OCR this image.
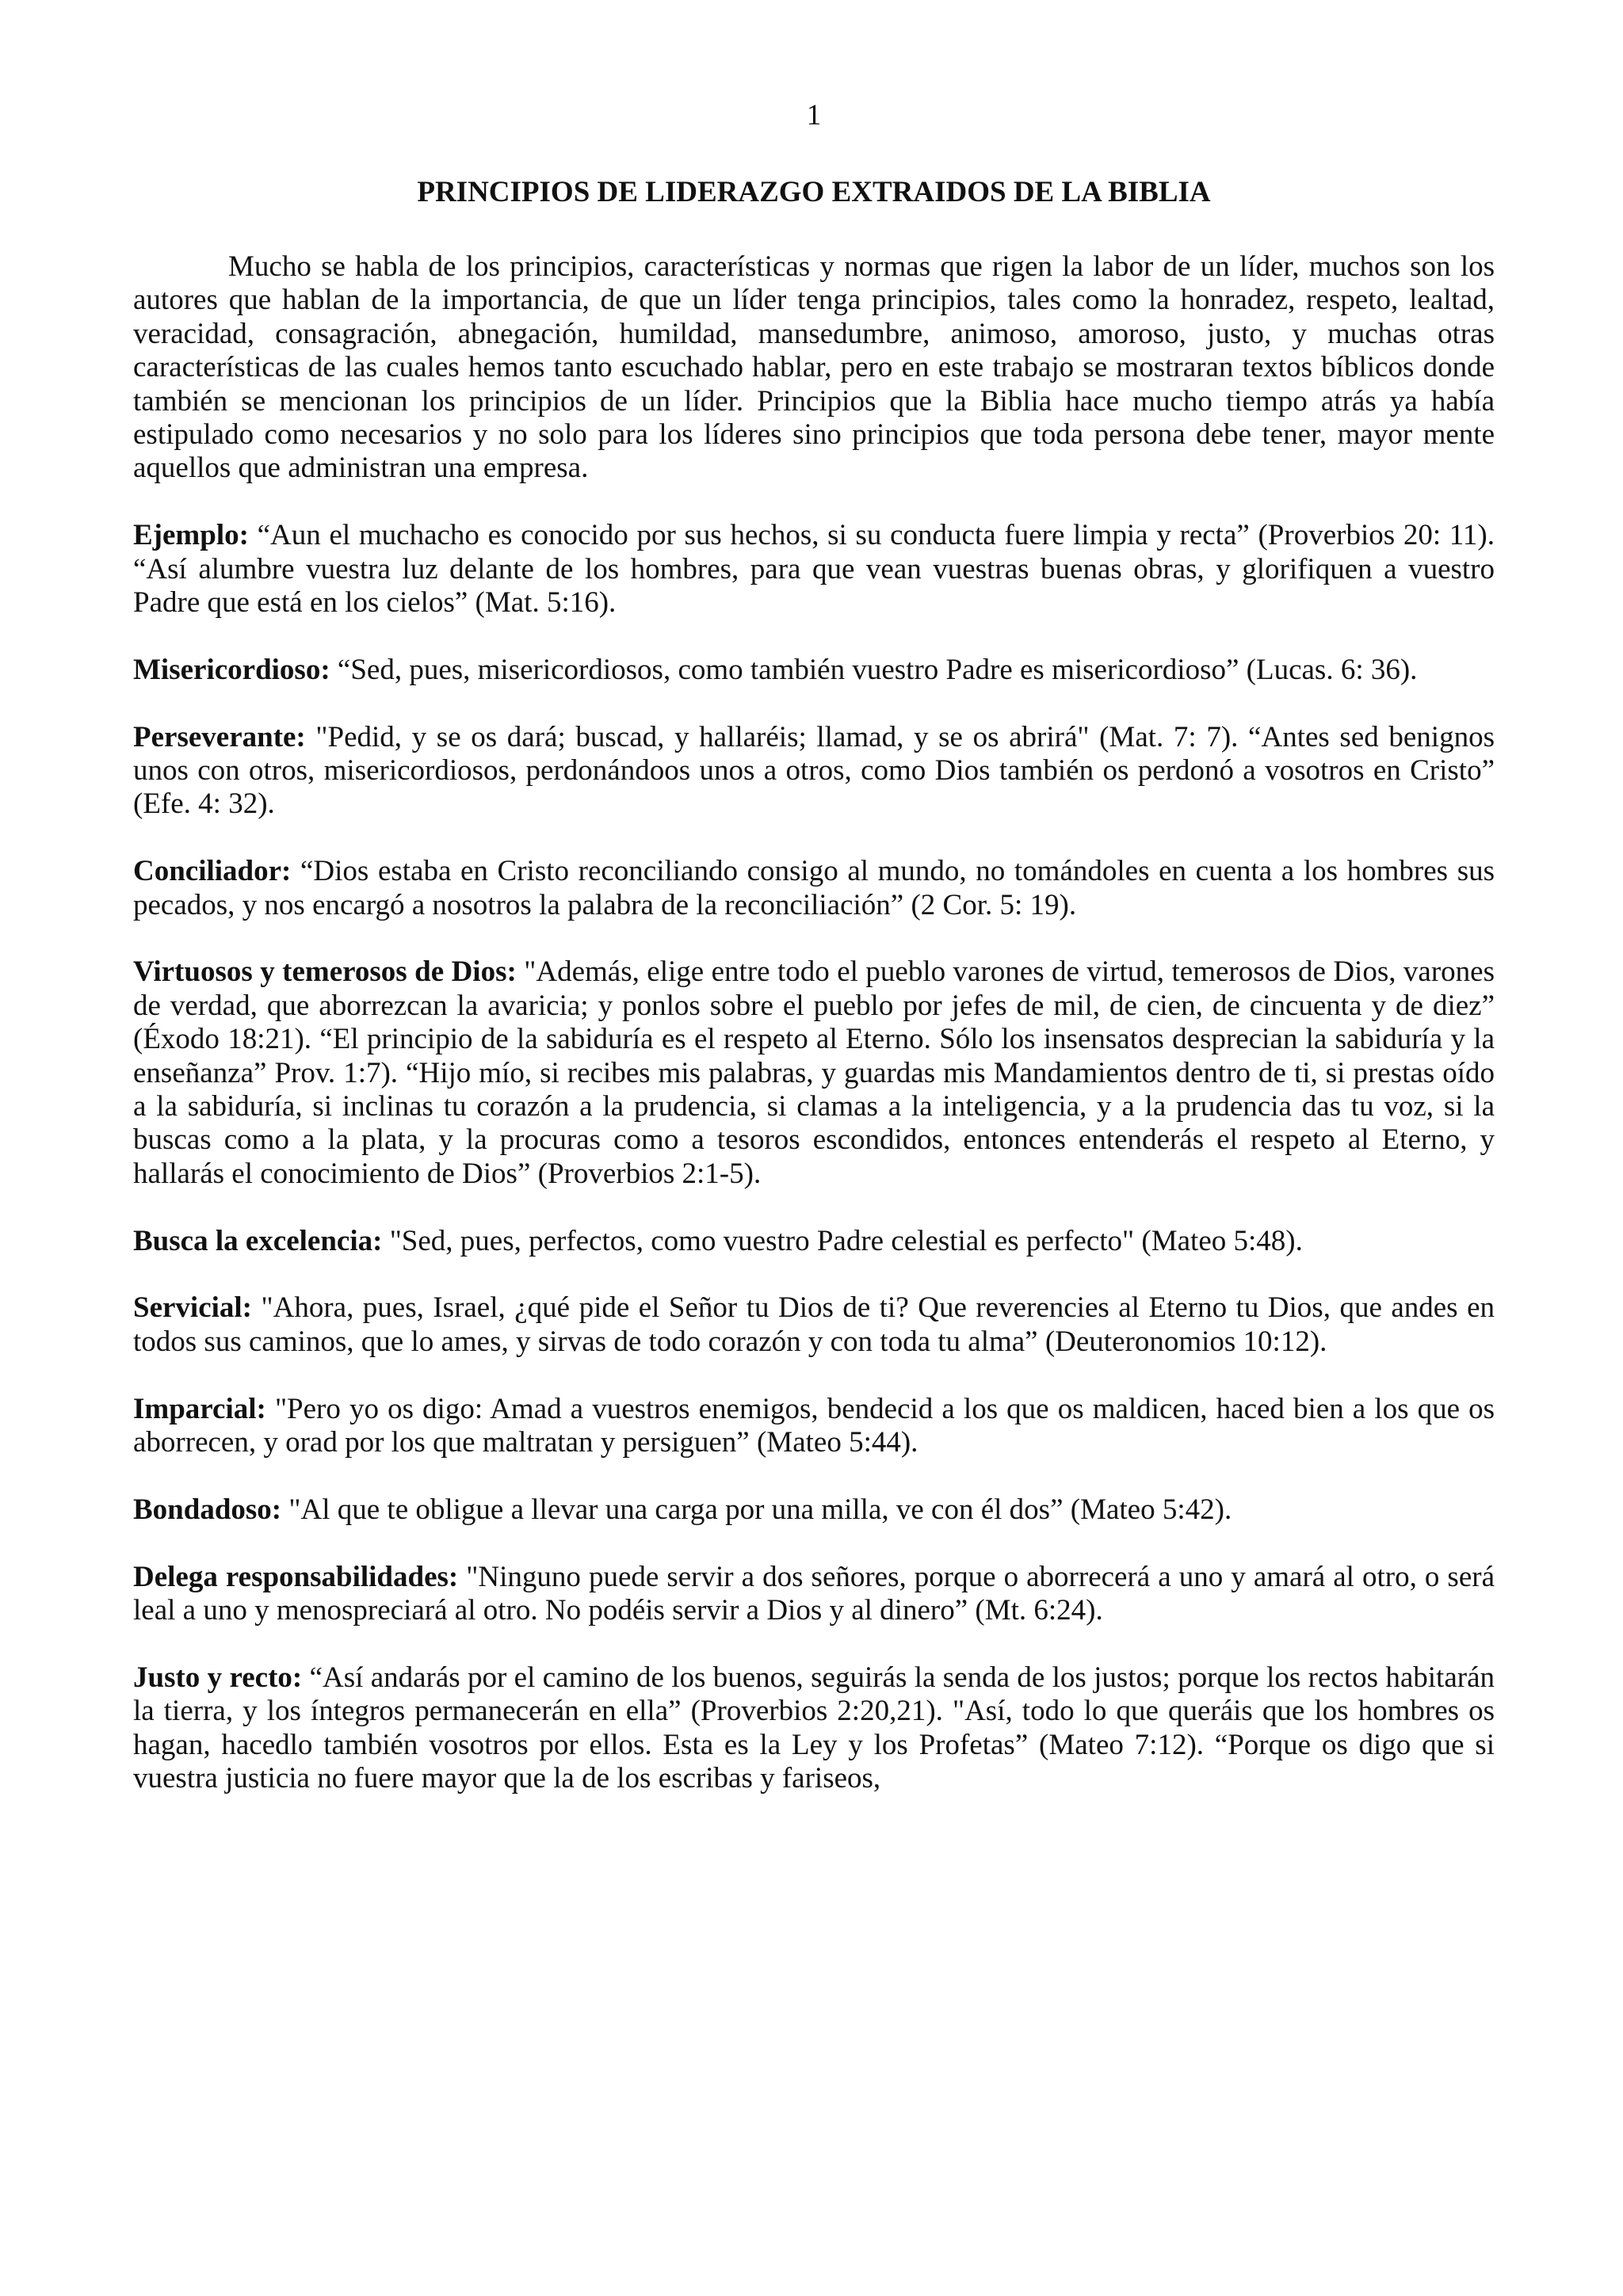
1
PRINCIPIOS DE LIDERAZGO EXTRAIDOS DE LA BIBLIA

Mucho se habla de los principios, características y normas que rigen la labor de un líder, muchos son los autores que hablan de la importancia, de que un líder tenga principios, tales como la honradez, respeto, lealtad, veracidad, consagración, abnegación, humildad, mansedumbre, animoso, amoroso, justo, y muchas otras características de las cuales hemos tanto escuchado hablar, pero en este trabajo se mostraran textos bíblicos donde también se mencionan los principios de un líder. Principios que la Biblia hace mucho tiempo atrás ya había estipulado como necesarios y no solo para los líderes sino principios que toda persona debe tener, mayor mente aquellos que administran una empresa.

Ejemplo: “Aun el muchacho es conocido por sus hechos, si su conducta fuere limpia y recta” (Proverbios 20: 11). “Así alumbre vuestra luz delante de los hombres, para que vean vuestras buenas obras, y glorifiquen a vuestro Padre que está en los cielos” (Mat. 5:16).

Misericordioso: “Sed, pues, misericordiosos, como también vuestro Padre es misericordioso” (Lucas. 6: 36).

Perseverante: "Pedid, y se os dará; buscad, y hallaréis; llamad, y se os abrirá" (Mat. 7: 7). “Antes sed benignos unos con otros, misericordiosos, perdonándoos unos a otros, como Dios también os perdonó a vosotros en Cristo” (Efe. 4: 32).

Conciliador: “Dios estaba en Cristo reconciliando consigo al mundo, no tomándoles en cuenta a los hombres sus pecados, y nos encargó a nosotros la palabra de la reconciliación” (2 Cor. 5: 19).

Virtuosos y temerosos de Dios: "Además, elige entre todo el pueblo varones de virtud, temerosos de Dios, varones de verdad, que aborrezcan la avaricia; y ponlos sobre el pueblo por jefes de mil, de cien, de cincuenta y de diez” (Éxodo 18:21). “El principio de la sabiduría es el respeto al Eterno. Sólo los insensatos desprecian la sabiduría y la enseñanza” Prov. 1:7). “Hijo mío, si recibes mis palabras, y guardas mis Mandamientos dentro de ti, si prestas oído a la sabiduría, si inclinas tu corazón a la prudencia, si clamas a la inteligencia, y a la prudencia das tu voz, si la buscas como a la plata, y la procuras como a tesoros escondidos, entonces entenderás el respeto al Eterno, y hallarás el conocimiento de Dios” (Proverbios 2:1-5).

Busca la excelencia: "Sed, pues, perfectos, como vuestro Padre celestial es perfecto" (Mateo 5:48).

Servicial: "Ahora, pues, Israel, ¿qué pide el Señor tu Dios de ti? Que reverencies al Eterno tu Dios, que andes en todos sus caminos, que lo ames, y sirvas de todo corazón y con toda tu alma” (Deuteronomios 10:12).

Imparcial: "Pero yo os digo: Amad a vuestros enemigos, bendecid a los que os maldicen, haced bien a los que os aborrecen, y orad por los que maltratan y persiguen” (Mateo 5:44).

Bondadoso: "Al que te obligue a llevar una carga por una milla, ve con él dos” (Mateo 5:42).

Delega responsabilidades: "Ninguno puede servir a dos señores, porque o aborrecerá a uno y amará al otro, o será leal a uno y menospreciará al otro. No podéis servir a Dios y al dinero” (Mt. 6:24).

Justo y recto: “Así andarás por el camino de los buenos, seguirás la senda de los justos; porque los rectos habitarán la tierra, y los íntegros permanecerán en ella” (Proverbios 2:20,21). "Así, todo lo que queráis que los hombres os hagan, hacedlo también vosotros por ellos. Esta es la Ley y los Profetas” (Mateo 7:12). “Porque os digo que si vuestra justicia no fuere mayor que la de los escribas y fariseos,
